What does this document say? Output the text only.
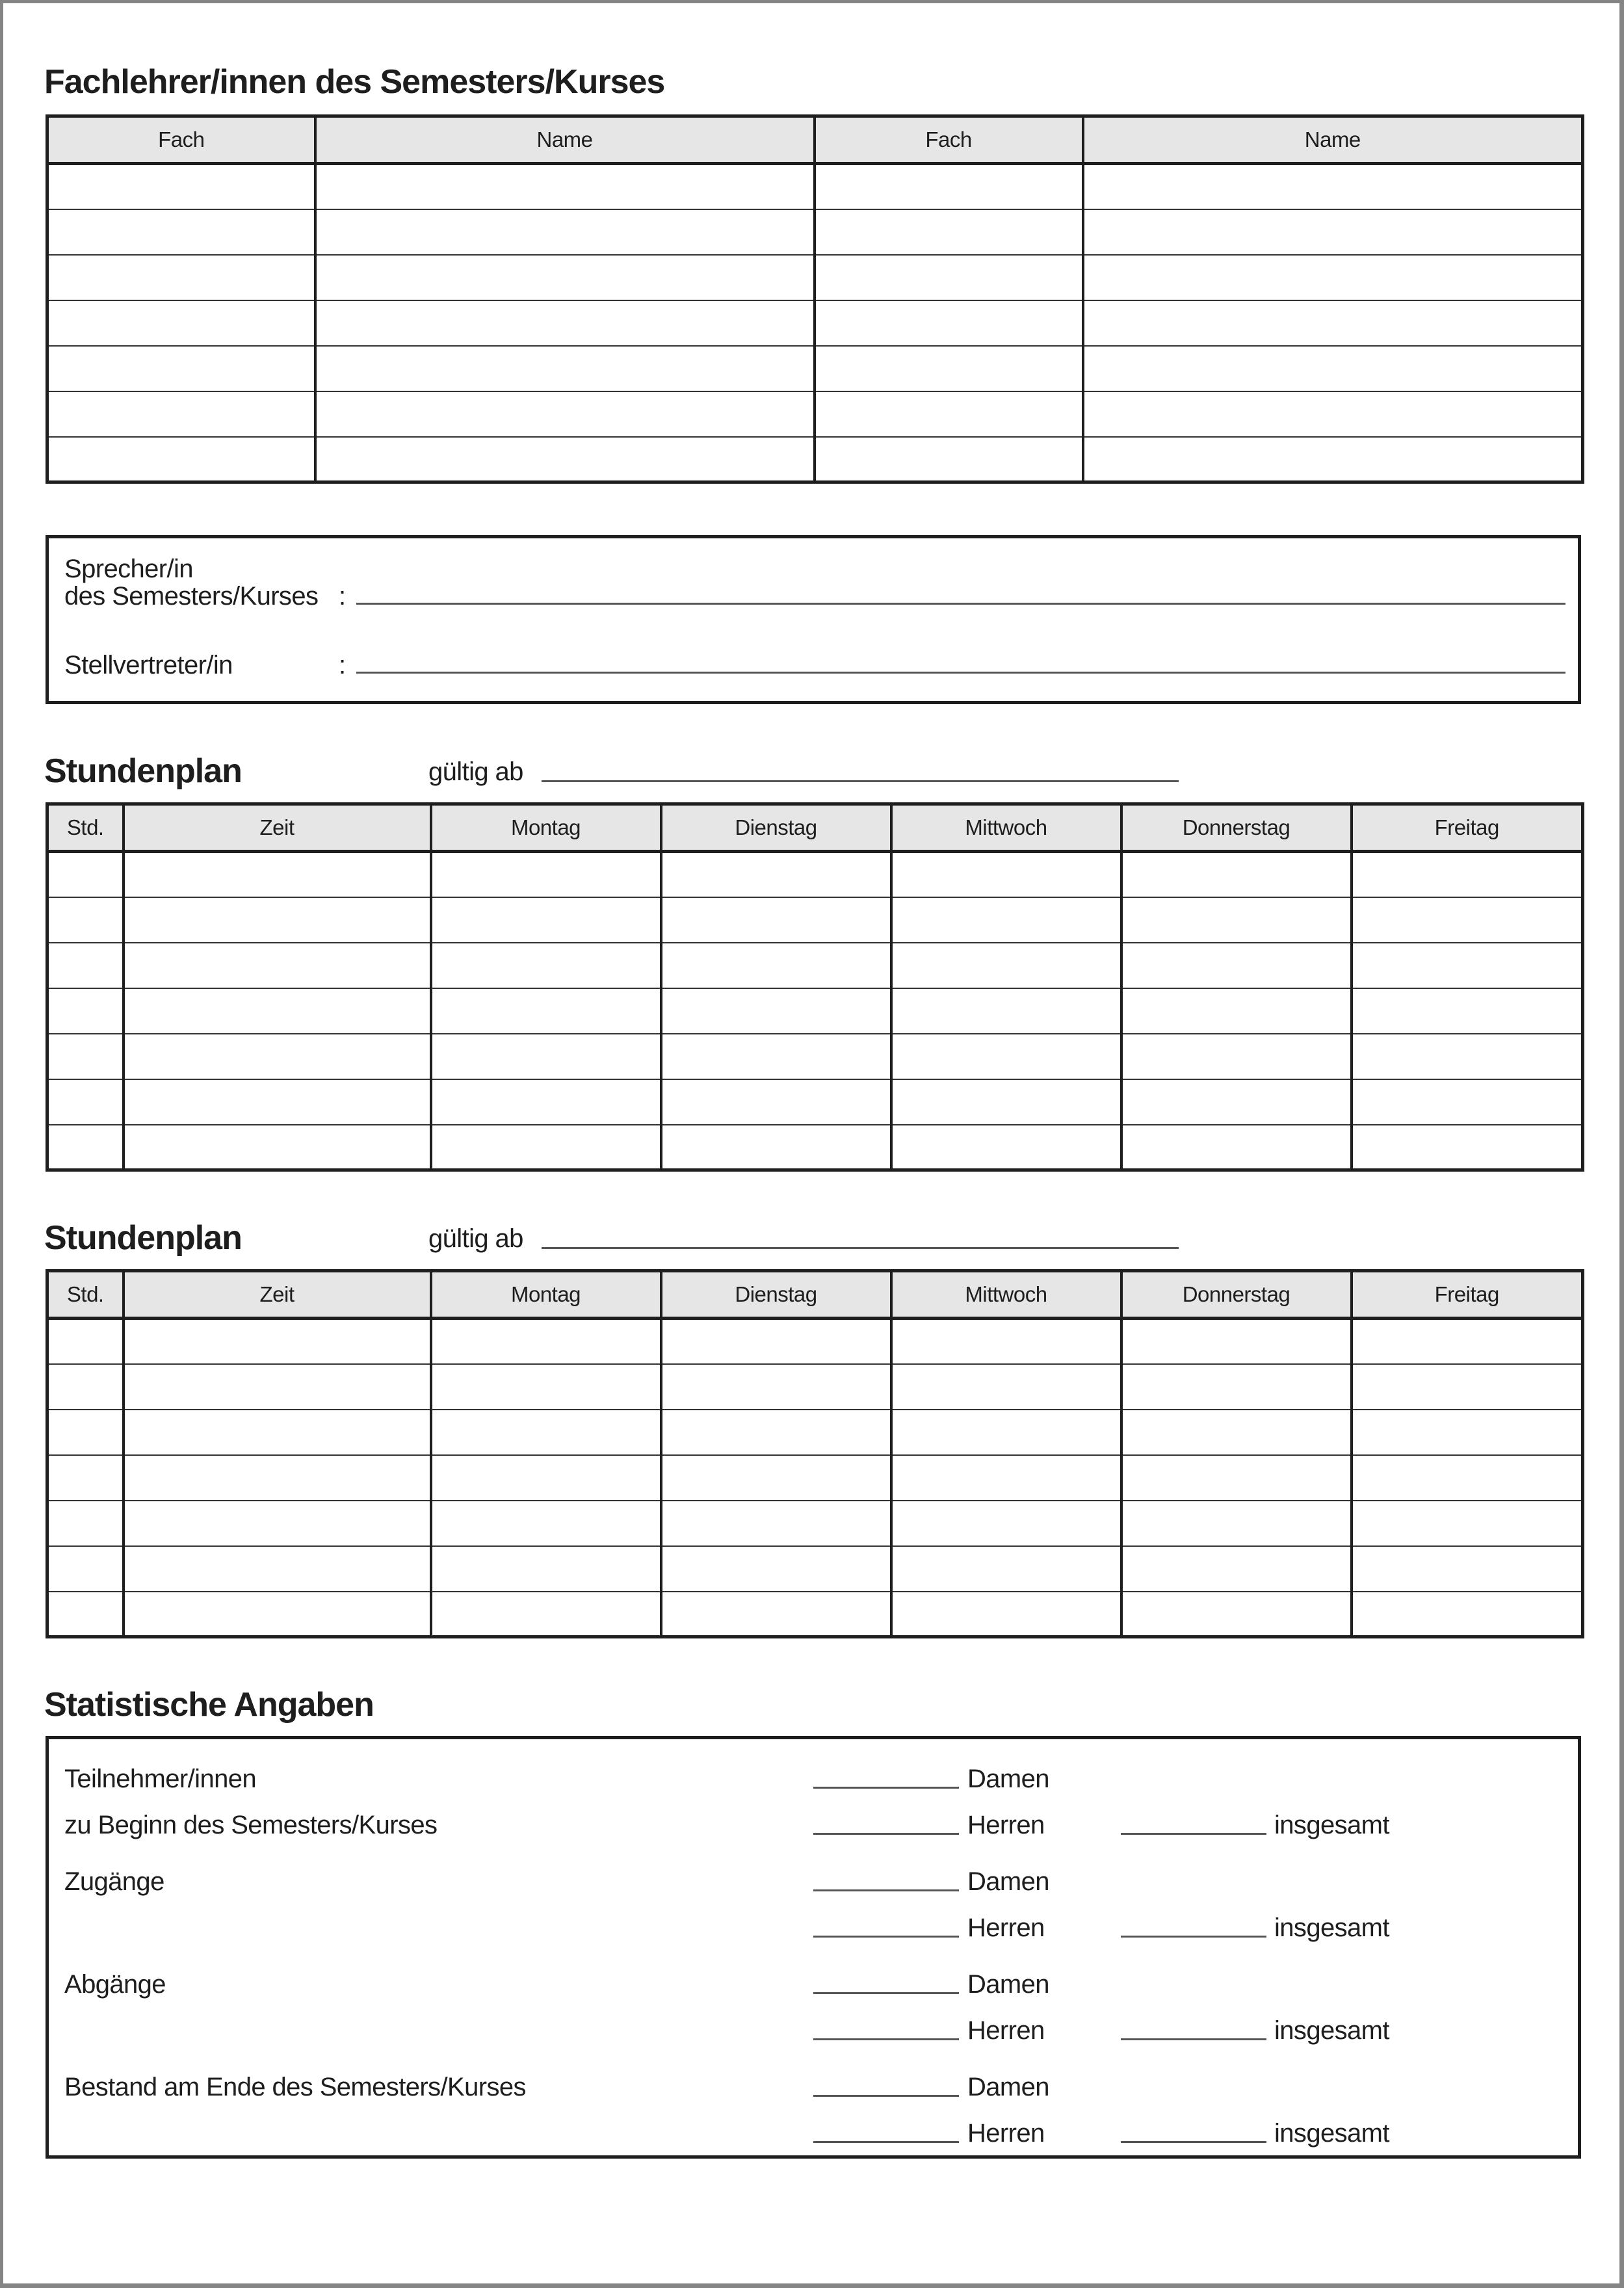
Fachlehrer/innen des Semesters/Kurses
Fach	Name	Fach	Name

Sprecher/in
des Semesters/Kurses :
Stellvertreter/in	:
Stundenplan	gültig ab
Std.	Zeit	Montag	Dienstag	Mittwoch	Donnerstag	Freitag

Stundenplan	gültig ab
Std.	Zeit	Montag	Dienstag	Mittwoch	Donnerstag	Freitag

Statistische Angaben
Teilnehmer/innen
zu Beginn des Semesters/Kurses
Damen
Herren	insgesamt
Zugänge	Damen
Herren	insgesamt
Abgänge	Damen
Herren	insgesamt
Bestand am Ende des Semesters/Kurses	Damen
Herren	insgesamt
